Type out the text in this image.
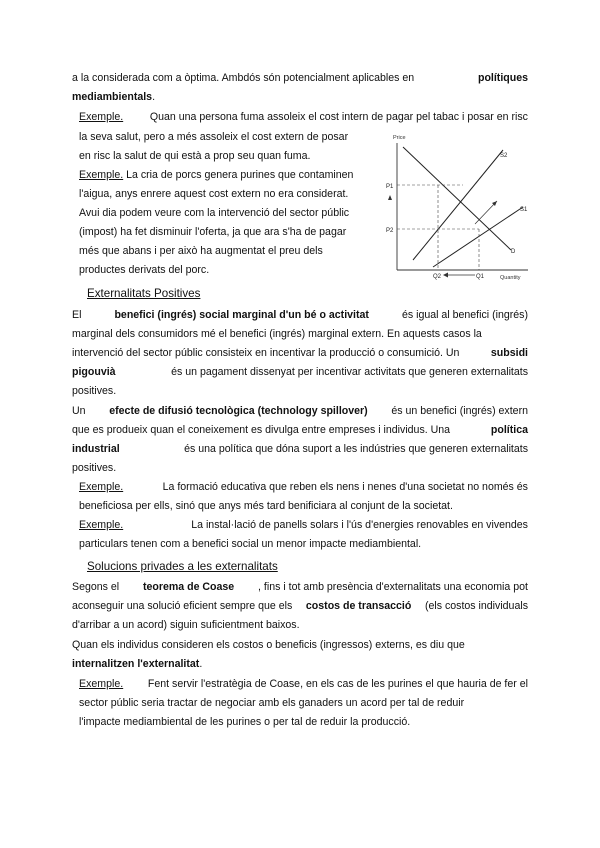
a la considerada com a òptima. Ambdós són potencialment aplicables en	polítiques
mediambientals.
Exemple.
	Quan una persona fuma assoleix el cost intern de pagar pel tabac i posar en risc
la seva salut, pero a més assoleix el cost extern de posar
en risc la salut de qui està a prop seu quan fuma.
Exemple. La cria de porcs genera purines que contaminen
l'aigua, anys enrere aquest cost extern no era considerat.
Avui dia podem veure com la intervenció del sector públic
(impost) ha fet disminuir l'oferta, ja que ara s'ha de pagar
més que abans i per això ha augmentat el preu dels
productes derivats del porc.
Price
Quantity
P1
P2
Q2	Q1
S2
S1
D
Externalitats Positives
El	benefici (ingrés) social marginal d'un bé o activitat	és igual al benefici (ingrés)
marginal dels consumidors mé el benefici (ingrés) marginal extern. En aquests casos la
intervenció del sector públic consisteix en incentivar la producció o consumició. Un	subsidi
pigouvià	és un pagament dissenyat per incentivar activitats que generen externalitats
positives.
Un efecte de difusió tecnològica (technology spillover) és un benefici (ingrés) extern
que es produeix quan el coneixement es divulga entre empreses i individus. Una	política
industrial	és una política que dóna suport a les indústries que generen externalitats
positives.
Exemple.
	La formació educativa que reben els nens i nenes d'una societat no només és
beneficiosa per ells, sinó que anys més tard benificiara al conjunt de la societat.
Exemple.
	La instal·lació de panells solars i l'ús d'energies renovables en vivendes
particulars tenen com a benefici social un menor impacte mediambiental.
Solucions privades a les externalitats
Segons el teorema de Coase , fins i tot amb presència d'externalitats una economia pot
aconseguir una solució eficient sempre que els costos de transacció (els costos individuals
d'arribar a un acord) siguin suficientment baixos.
Quan els individus consideren els costos o beneficis (ingressos) externs, es diu que
internalitzen l'externalitat.
Exemple.
Fent servir l'estratègia de Coase, en els cas de les purines el que hauria de fer el
sector públic seria tractar de negociar amb els ganaders un acord per tal de reduir
l'impacte mediambiental de les purines o per tal de reduir la producció.
